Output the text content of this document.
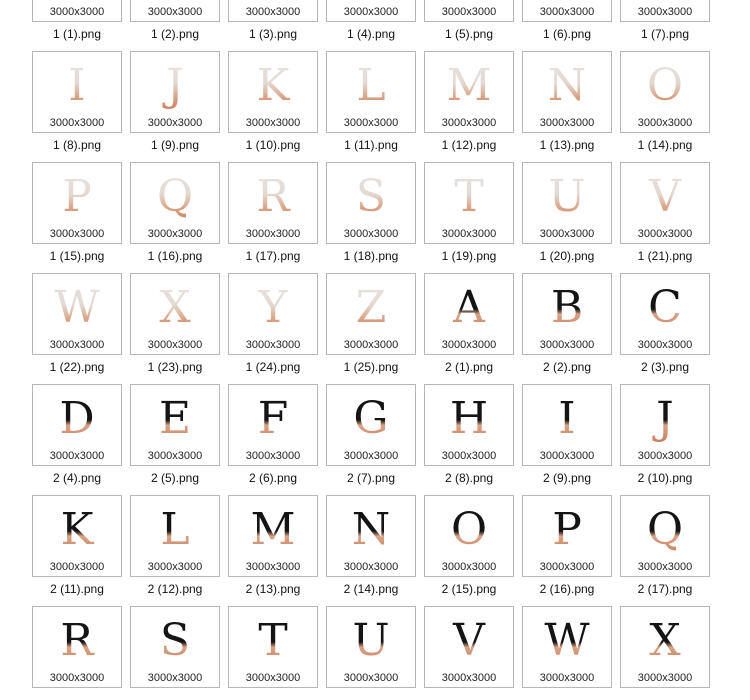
3000x3000
1 (1).png
3000x3000
1 (2).png
3000x3000
1 (3).png
3000x3000
1 (4).png
3000x3000
1 (5).png
3000x3000
1 (6).png
3000x3000
1 (7).png
I
3000x3000
1 (8).png
J
3000x3000
1 (9).png
K
3000x3000
1 (10).png
L
3000x3000
1 (11).png
M
3000x3000
1 (12).png
N
3000x3000
1 (13).png
O
3000x3000
1 (14).png
P
3000x3000
1 (15).png
Q
3000x3000
1 (16).png
R
3000x3000
1 (17).png
S
3000x3000
1 (18).png
T
3000x3000
1 (19).png
U
3000x3000
1 (20).png
V
3000x3000
1 (21).png
W
3000x3000
1 (22).png
X
3000x3000
1 (23).png
Y
3000x3000
1 (24).png
Z
3000x3000
1 (25).png
A
3000x3000
2 (1).png
B
3000x3000
2 (2).png
C
3000x3000
2 (3).png
D
3000x3000
2 (4).png
E
3000x3000
2 (5).png
F
3000x3000
2 (6).png
G
3000x3000
2 (7).png
H
3000x3000
2 (8).png
I
3000x3000
2 (9).png
J
3000x3000
2 (10).png
K
3000x3000
2 (11).png
L
3000x3000
2 (12).png
M
3000x3000
2 (13).png
N
3000x3000
2 (14).png
O
3000x3000
2 (15).png
P
3000x3000
2 (16).png
Q
3000x3000
2 (17).png
R
3000x3000
S
3000x3000
T
3000x3000
U
3000x3000
V
3000x3000
W
3000x3000
X
3000x3000
